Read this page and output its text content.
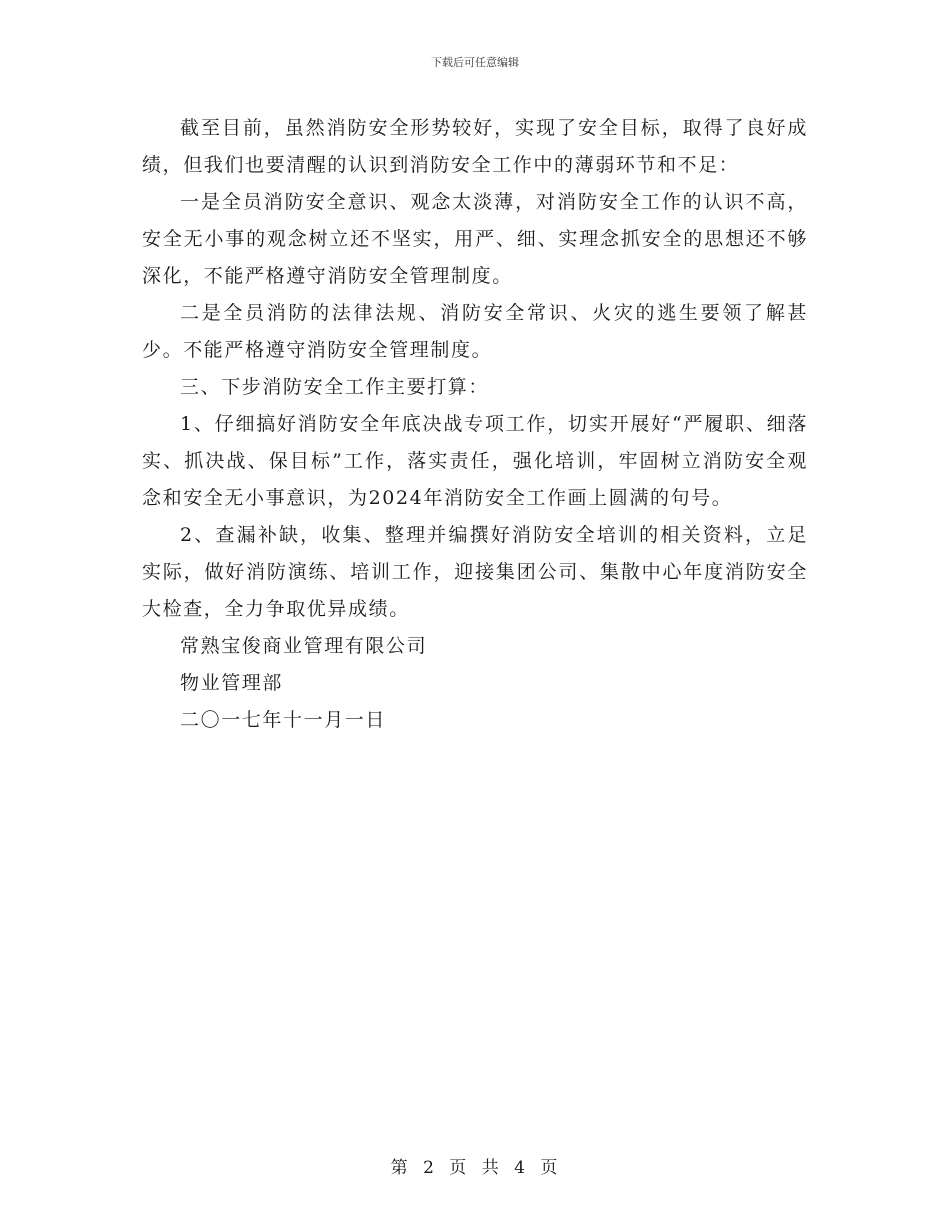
下载后可任意编辑

截至目前，虽然消防安全形势较好，实现了安全目标，取得了良好成绩，但我们也要清醒的认识到消防安全工作中的薄弱环节和不足：

一是全员消防安全意识、观念太淡薄，对消防安全工作的认识不高，安全无小事的观念树立还不坚实，用严、细、实理念抓安全的思想还不够深化，不能严格遵守消防安全管理制度。

二是全员消防的法律法规、消防安全常识、火灾的逃生要领了解甚少。不能严格遵守消防安全管理制度。

三、下步消防安全工作主要打算：

1、仔细搞好消防安全年底决战专项工作，切实开展好“严履职、细落实、抓决战、保目标”工作，落实责任，强化培训，牢固树立消防安全观念和安全无小事意识，为2024年消防安全工作画上圆满的句号。

2、查漏补缺，收集、整理并编撰好消防安全培训的相关资料，立足实际，做好消防演练、培训工作，迎接集团公司、集散中心年度消防安全大检查，全力争取优异成绩。

常熟宝俊商业管理有限公司

物业管理部

二〇一七年十一月一日

第 2 页 共 4 页
